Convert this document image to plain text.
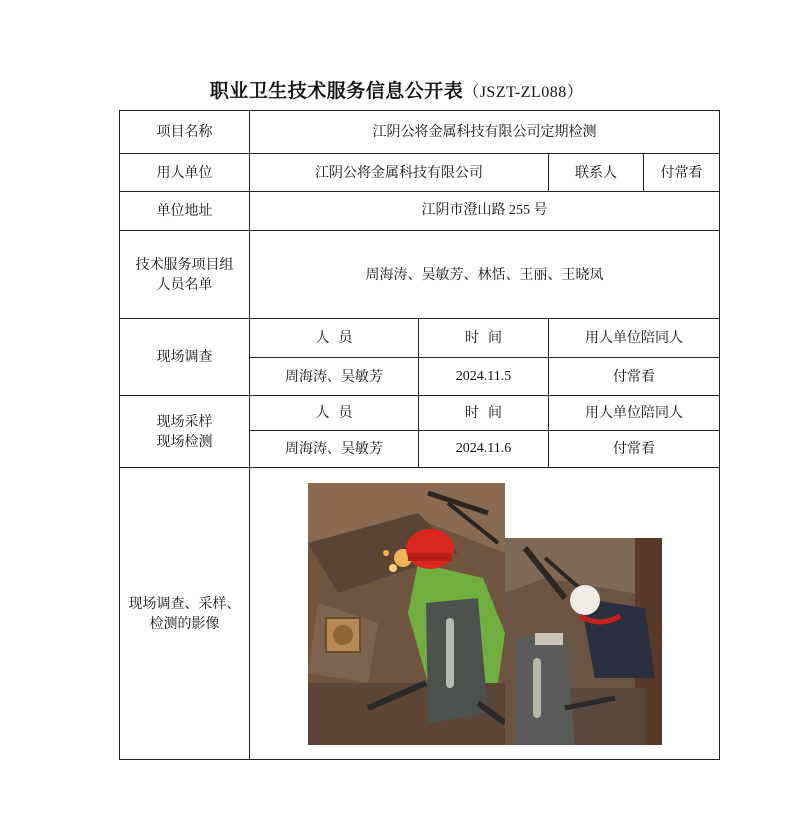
职业卫生技术服务信息公开表（JSZT-ZL088）
项目名称	江阴公将金属科技有限公司定期检测			
用人单位	江阴公将金属科技有限公司		联系人	付常看
单位地址	江阴市澄山路 255 号			

技术服务项目组
人员名单	周海涛、吴敏芳、林恬、王丽、王晓凤			
现场调查	人  员	时  间	用人单位陪同人	
	周海涛、吴敏芳	2024.11.5	付常看	

现场采样
现场检测	人  员	时  间	用人单位陪同人	
	周海涛、吴敏芳	2024.11.6	付常看	

现场调查、采样、
检测的影像
